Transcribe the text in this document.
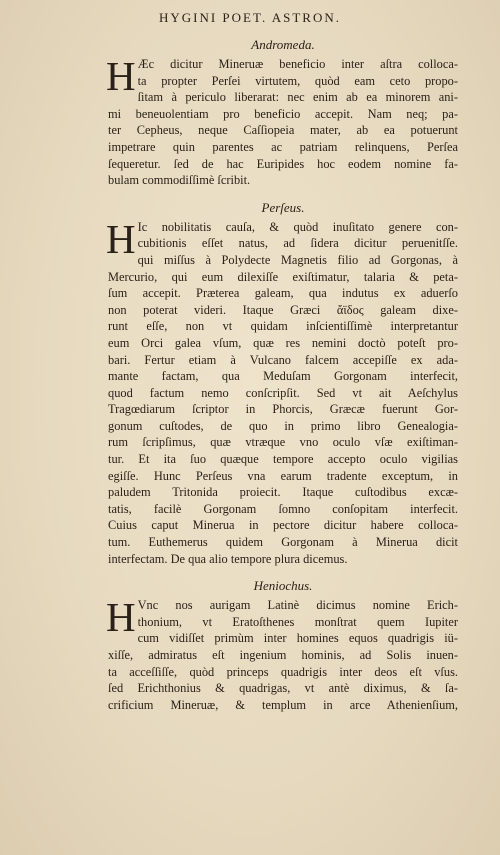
HYGINI POET. ASTRON.
Andromeda.
H Æc dicitur Mineruæ beneficio inter aſtra colloca-
ta propter Perſei virtutem, quòd eam ceto propo-
ſitam à periculo liberarat: nec enim ab ea minorem ani-
mi beneuolentiam pro beneficio accepit. Nam neq; pa-
ter Cepheus, neque Caſſiopeia mater, ab ea potuerunt
impetrare quin parentes ac patriam relinquens, Perſea
ſequeretur. ſed de hac Euripides hoc eodem nomine fa-
bulam commodiſſimè ſcribit.
Perſeus.
H Ic nobilitatis cauſa, & quòd inuſitato genere con-
cubitionis eſſet natus, ad ſidera dicitur peruenitſſe.
qui miſſus à Polydecte Magnetis filio ad Gorgonas, à
Mercurio, qui eum dilexiſſe exiſtimatur, talaria & peta-
ſum accepit. Præterea galeam, qua indutus ex aduerſo
non poterat videri. Itaque Græci ἄϊδος galeam dixe-
runt eſſe, non vt quidam inſcientiſſimè interpretantur
eum Orci galea vſum, quæ res nemini doctò poteſt pro-
bari. Fertur etiam à Vulcano falcem accepiſſe ex ada-
mante factam, qua Meduſam Gorgonam interfecit,
quod factum nemo conſcripſit. Sed vt ait Aeſchylus
Tragœdiarum ſcriptor in Phorcis, Græcæ fuerunt Gor-
gonum cuſtodes, de quo in primo libro Genealogia-
rum ſcripſimus, quæ vtræque vno oculo vſæ exiſtiman-
tur. Et ita ſuo quæque tempore accepto oculo vigilias
egiſſe. Hunc Perſeus vna earum tradente exceptum, in
paludem Tritonida proiecit. Itaque cuſtodibus excæ-
tatis, facilè Gorgonam ſomno conſopitam interfecit.
Cuius caput Mineruа in pectore dicitur habere colloca-
tum. Euthemerus quidem Gorgonam à Minerua dicit
interfectam. De qua alio tempore plura dicemus.
Heniochus.
H Vnc nos aurigam Latinè dicimus nomine Erich-
thonium, vt Eratoſthenes monſtrat quem Iupiter
cum vidiſſet primùm inter homines equos quadrigis iü-
xiſſe, admiratus eſt ingenium hominis, ad Solis inuen-
ta acceſſiſſe, quòd princeps quadrigis inter deos eſt vſus.
ſed Erichthonius & quadrigas, vt antè diximus, & ſa-
crificium Mineruæ, & templum in arce Athenienſium,
